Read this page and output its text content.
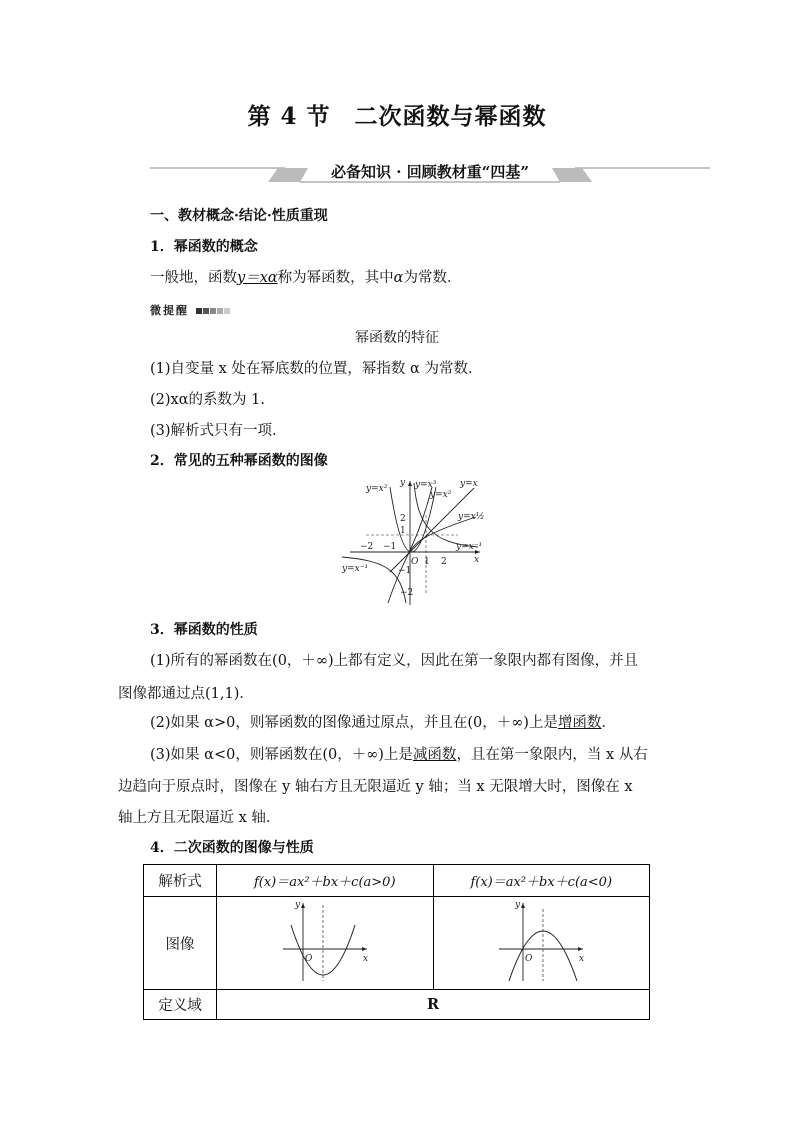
第 4 节　二次函数与幂函数
必备知识 · 回顾教材重“四基”
一、教材概念·结论·性质重现
1．幂函数的概念
一般地，函数y＝xα称为幂函数，其中α为常数．
微提醒
幂函数的特征
(1)自变量 x 处在幂底数的位置，幂指数 α 为常数．
(2)xα的系数为 1.
(3)解析式只有一项．
2．常见的五种幂函数的图像
y=x²	y=x³
y=x²
y=x
y=x½
y=x⁻¹
y=x⁻¹
2
1
−2 −1
O 1 2
−1
−2
x
y
3．幂函数的性质
(1)所有的幂函数在(0，＋∞)上都有定义，因此在第一象限内都有图像，并且
图像都通过点(1,1)．
(2)如果 α>0，则幂函数的图像通过原点，并且在(0，＋∞)上是增函数．
(3)如果 α<0，则幂函数在(0，＋∞)上是减函数，且在第一象限内，当 x 从右
边趋向于原点时，图像在 y 轴右方且无限逼近 y 轴；当 x 无限增大时，图像在 x
轴上方且无限逼近 x 轴．
4．二次函数的图像与性质
解析式	f(x)＝ax²＋bx＋c(a>0)	f(x)＝ax²＋bx＋c(a<0)
图像	y
x
O	y
x
O

定义域	R	
